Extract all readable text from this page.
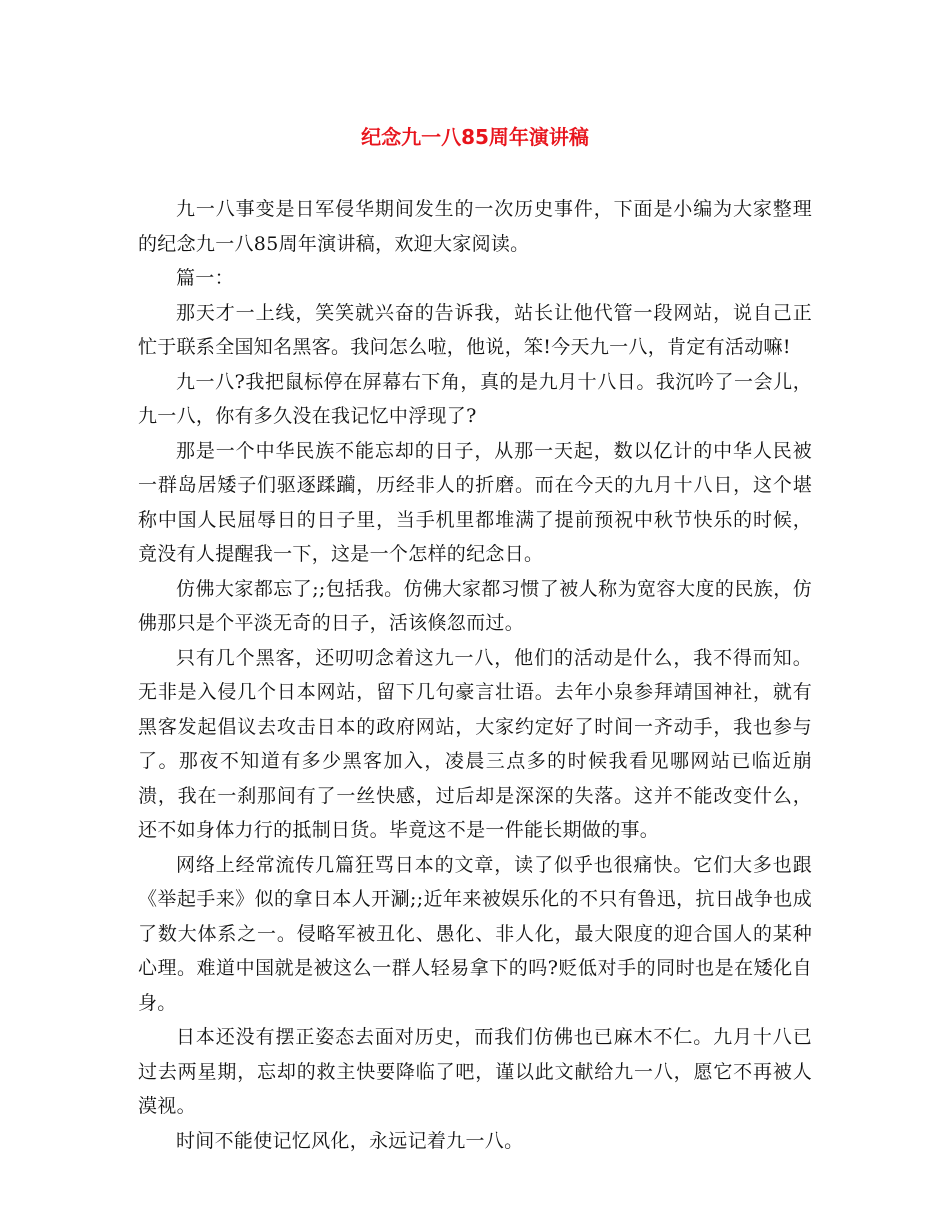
纪念九一八85周年演讲稿

九一八事变是日军侵华期间发生的一次历史事件，下面是小编为大家整理的纪念九一八85周年演讲稿，欢迎大家阅读。

篇一：

那天才一上线，笑笑就兴奋的告诉我，站长让他代管一段网站，说自己正忙于联系全国知名黑客。我问怎么啦，他说，笨!今天九一八，肯定有活动嘛!

九一八?我把鼠标停在屏幕右下角，真的是九月十八日。我沉吟了一会儿，九一八，你有多久没在我记忆中浮现了?

那是一个中华民族不能忘却的日子，从那一天起，数以亿计的中华人民被一群岛居矮子们驱逐蹂躏，历经非人的折磨。而在今天的九月十八日，这个堪称中国人民屈辱日的日子里，当手机里都堆满了提前预祝中秋节快乐的时候，竟没有人提醒我一下，这是一个怎样的纪念日。

仿佛大家都忘了;;包括我。仿佛大家都习惯了被人称为宽容大度的民族，仿佛那只是个平淡无奇的日子，活该倏忽而过。

只有几个黑客，还叨叨念着这九一八，他们的活动是什么，我不得而知。无非是入侵几个日本网站，留下几句豪言壮语。去年小泉参拜靖国神社，就有黑客发起倡议去攻击日本的政府网站，大家约定好了时间一齐动手，我也参与了。那夜不知道有多少黑客加入，凌晨三点多的时候我看见哪网站已临近崩溃，我在一刹那间有了一丝快感，过后却是深深的失落。这并不能改变什么，还不如身体力行的抵制日货。毕竟这不是一件能长期做的事。

网络上经常流传几篇狂骂日本的文章，读了似乎也很痛快。它们大多也跟《举起手来》似的拿日本人开涮;;近年来被娱乐化的不只有鲁迅，抗日战争也成了数大体系之一。侵略军被丑化、愚化、非人化，最大限度的迎合国人的某种心理。难道中国就是被这么一群人轻易拿下的吗?贬低对手的同时也是在矮化自身。

日本还没有摆正姿态去面对历史，而我们仿佛也已麻木不仁。九月十八已过去两星期，忘却的救主快要降临了吧，谨以此文献给九一八，愿它不再被人漠视。

时间不能使记忆风化，永远记着九一八。
